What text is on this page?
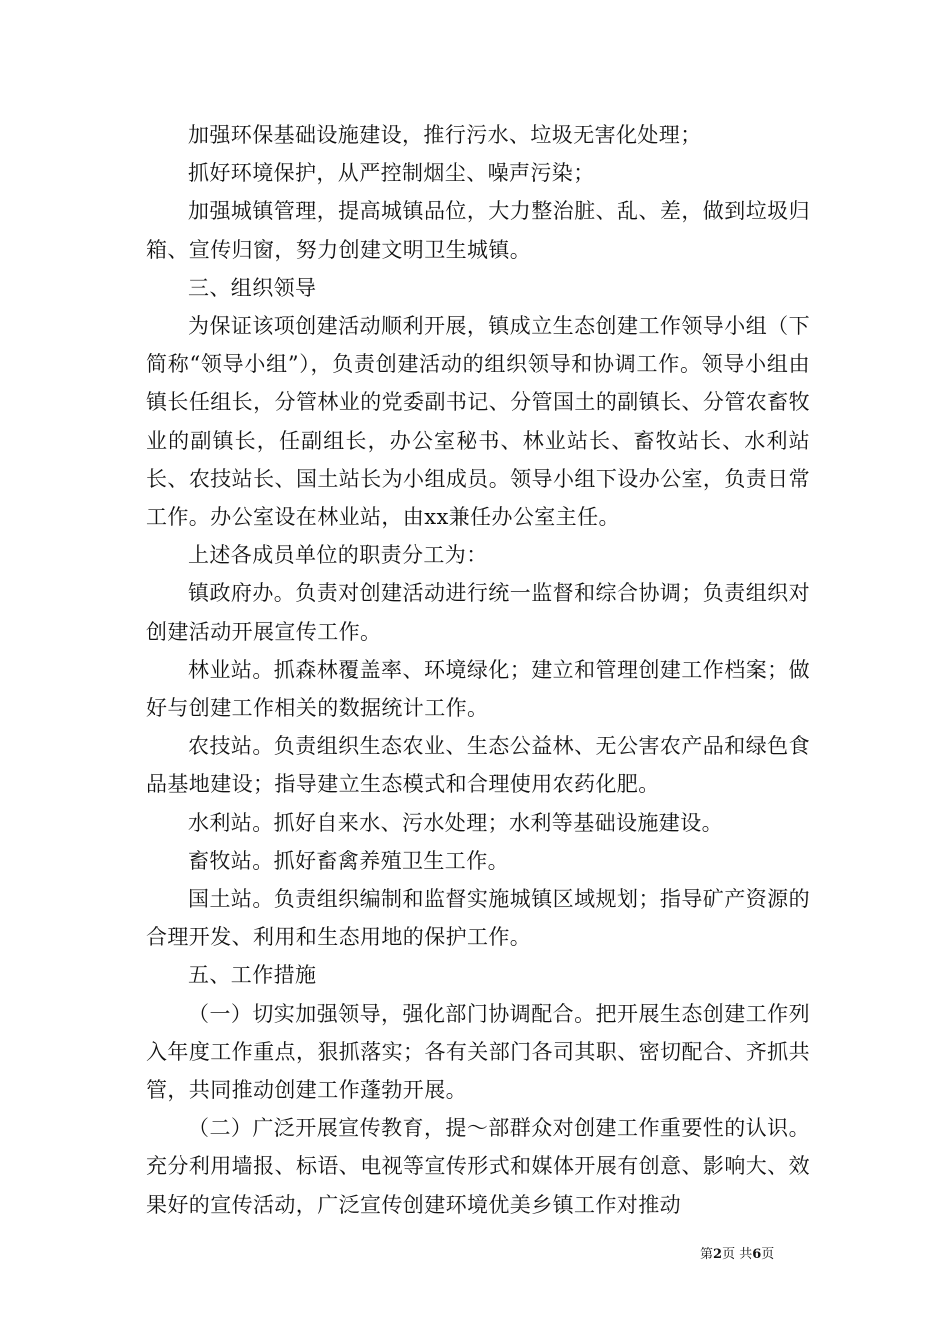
加强环保基础设施建设，推行污水、垃圾无害化处理；

抓好环境保护，从严控制烟尘、噪声污染；

加强城镇管理，提高城镇品位，大力整治脏、乱、差，做到垃圾归箱、宣传归窗，努力创建文明卫生城镇。

三、组织领导

为保证该项创建活动顺利开展，镇成立生态创建工作领导小组（下简称“领导小组”），负责创建活动的组织领导和协调工作。领导小组由镇长任组长，分管林业的党委副书记、分管国土的副镇长、分管农畜牧业的副镇长，任副组长，办公室秘书、林业站长、畜牧站长、水利站长、农技站长、国土站长为小组成员。领导小组下设办公室，负责日常工作。办公室设在林业站，由xx兼任办公室主任。

上述各成员单位的职责分工为：

镇政府办。负责对创建活动进行统一监督和综合协调；负责组织对创建活动开展宣传工作。

林业站。抓森林覆盖率、环境绿化；建立和管理创建工作档案；做好与创建工作相关的数据统计工作。

农技站。负责组织生态农业、生态公益林、无公害农产品和绿色食品基地建设；指导建立生态模式和合理使用农药化肥。

水利站。抓好自来水、污水处理；水利等基础设施建设。

畜牧站。抓好畜禽养殖卫生工作。

国土站。负责组织编制和监督实施城镇区域规划；指导矿产资源的合理开发、利用和生态用地的保护工作。

五、工作措施

（一）切实加强领导，强化部门协调配合。把开展生态创建工作列入年度工作重点，狠抓落实；各有关部门各司其职、密切配合、齐抓共管，共同推动创建工作蓬勃开展。

（二）广泛开展宣传教育，提～部群众对创建工作重要性的认识。充分利用墙报、标语、电视等宣传形式和媒体开展有创意、影响大、效果好的宣传活动，广泛宣传创建环境优美乡镇工作对推动

第2页 共6页
